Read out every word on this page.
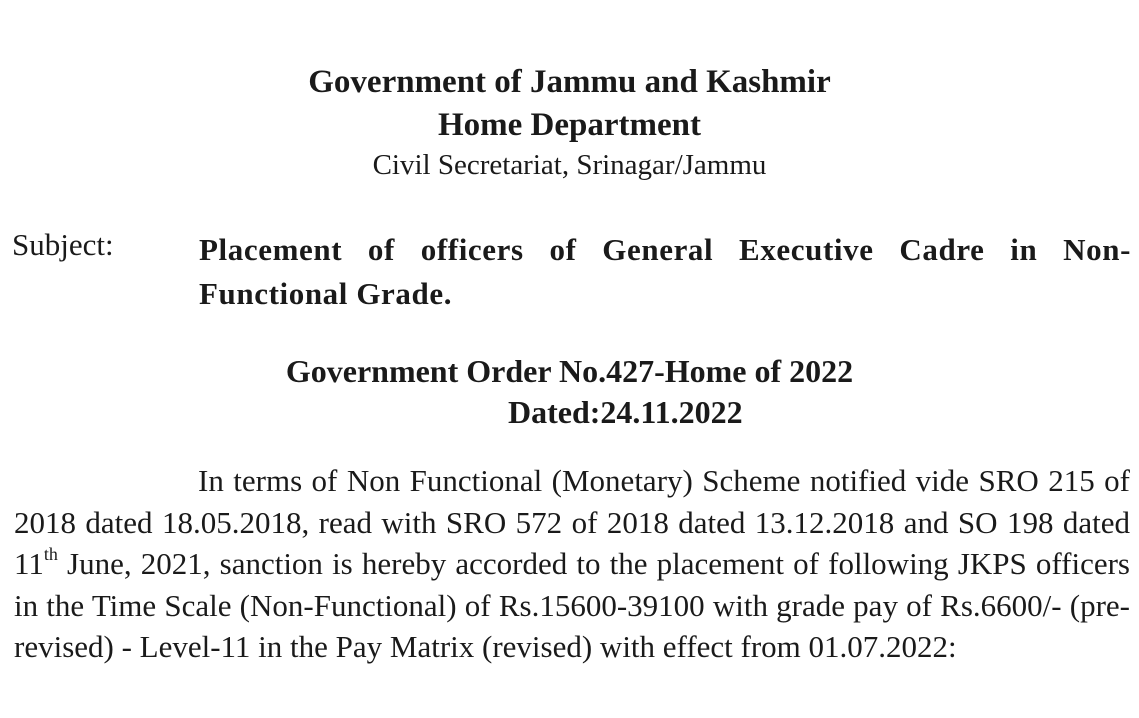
Government of Jammu and Kashmir
Home Department
Civil Secretariat, Srinagar/Jammu
Subject:	Placement of officers of General Executive Cadre in Non-Functional Grade.
Government Order No.427-Home of 2022
Dated:24.11.2022

In terms of Non Functional (Monetary) Scheme notified vide SRO 215 of 2018 dated 18.05.2018, read with SRO 572 of 2018 dated 13.12.2018 and SO 198 dated 11th June, 2021, sanction is hereby accorded to the placement of following JKPS officers in the Time Scale (Non-Functional) of Rs.15600-39100 with grade pay of Rs.6600/- (pre-revised) - Level-11 in the Pay Matrix (revised) with effect from 01.07.2022:
